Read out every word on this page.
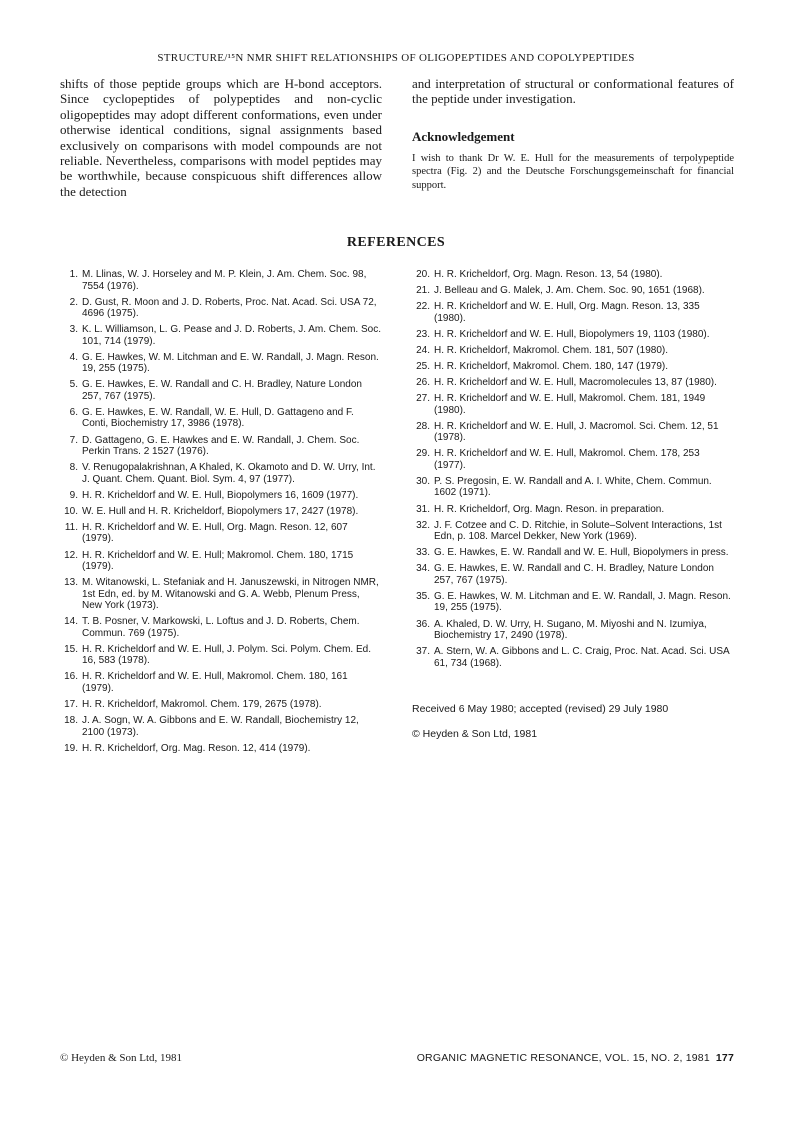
STRUCTURE/¹⁵N NMR SHIFT RELATIONSHIPS OF OLIGOPEPTIDES AND COPOLYPEPTIDES
shifts of those peptide groups which are H-bond acceptors. Since cyclopeptides of polypeptides and non-cyclic oligopeptides may adopt different conformations, even under otherwise identical conditions, signal assignments based exclusively on comparisons with model compounds are not reliable. Nevertheless, comparisons with model peptides may be worthwhile, because conspicuous shift differences allow the detection
and interpretation of structural or conformational features of the peptide under investigation.
Acknowledgement
I wish to thank Dr W. E. Hull for the measurements of terpolypeptide spectra (Fig. 2) and the Deutsche Forschungsgemeinschaft for financial support.
REFERENCES
1. M. Llinas, W. J. Horseley and M. P. Klein, J. Am. Chem. Soc. 98, 7554 (1976).
2. D. Gust, R. Moon and J. D. Roberts, Proc. Nat. Acad. Sci. USA 72, 4696 (1975).
3. K. L. Williamson, L. G. Pease and J. D. Roberts, J. Am. Chem. Soc. 101, 714 (1979).
4. G. E. Hawkes, W. M. Litchman and E. W. Randall, J. Magn. Reson. 19, 255 (1975).
5. G. E. Hawkes, E. W. Randall and C. H. Bradley, Nature London 257, 767 (1975).
6. G. E. Hawkes, E. W. Randall, W. E. Hull, D. Gattageno and F. Conti, Biochemistry 17, 3986 (1978).
7. D. Gattageno, G. E. Hawkes and E. W. Randall, J. Chem. Soc. Perkin Trans. 2 1527 (1976).
8. V. Renugopalakrishnan, A Khaled, K. Okamoto and D. W. Urry, Int. J. Quant. Chem. Quant. Biol. Sym. 4, 97 (1977).
9. H. R. Kricheldorf and W. E. Hull, Biopolymers 16, 1609 (1977).
10. W. E. Hull and H. R. Kricheldorf, Biopolymers 17, 2427 (1978).
11. H. R. Kricheldorf and W. E. Hull, Org. Magn. Reson. 12, 607 (1979).
12. H. R. Kricheldorf and W. E. Hull; Makromol. Chem. 180, 1715 (1979).
13. M. Witanowski, L. Stefaniak and H. Januszewski, in Nitrogen NMR, 1st Edn, ed. by M. Witanowski and G. A. Webb, Plenum Press, New York (1973).
14. T. B. Posner, V. Markowski, L. Loftus and J. D. Roberts, Chem. Commun. 769 (1975).
15. H. R. Kricheldorf and W. E. Hull, J. Polym. Sci. Polym. Chem. Ed. 16, 583 (1978).
16. H. R. Kricheldorf and W. E. Hull, Makromol. Chem. 180, 161 (1979).
17. H. R. Kricheldorf, Makromol. Chem. 179, 2675 (1978).
18. J. A. Sogn, W. A. Gibbons and E. W. Randall, Biochemistry 12, 2100 (1973).
19. H. R. Kricheldorf, Org. Mag. Reson. 12, 414 (1979).
20. H. R. Kricheldorf, Org. Magn. Reson. 13, 54 (1980).
21. J. Belleau and G. Malek, J. Am. Chem. Soc. 90, 1651 (1968).
22. H. R. Kricheldorf and W. E. Hull, Org. Magn. Reson. 13, 335 (1980).
23. H. R. Kricheldorf and W. E. Hull, Biopolymers 19, 1103 (1980).
24. H. R. Kricheldorf, Makromol. Chem. 181, 507 (1980).
25. H. R. Kricheldorf, Makromol. Chem. 180, 147 (1979).
26. H. R. Kricheldorf and W. E. Hull, Macromolecules 13, 87 (1980).
27. H. R. Kricheldorf and W. E. Hull, Makromol. Chem. 181, 1949 (1980).
28. H. R. Kricheldorf and W. E. Hull, J. Macromol. Sci. Chem. 12, 51 (1978).
29. H. R. Kricheldorf and W. E. Hull, Makromol. Chem. 178, 253 (1977).
30. P. S. Pregosin, E. W. Randall and A. I. White, Chem. Commun. 1602 (1971).
31. H. R. Kricheldorf, Org. Magn. Reson. in preparation.
32. J. F. Cotzee and C. D. Ritchie, in Solute–Solvent Interactions, 1st Edn, p. 108. Marcel Dekker, New York (1969).
33. G. E. Hawkes, E. W. Randall and W. E. Hull, Biopolymers in press.
34. G. E. Hawkes, E. W. Randall and C. H. Bradley, Nature London 257, 767 (1975).
35. G. E. Hawkes, W. M. Litchman and E. W. Randall, J. Magn. Reson. 19, 255 (1975).
36. A. Khaled, D. W. Urry, H. Sugano, M. Miyoshi and N. Izumiya, Biochemistry 17, 2490 (1978).
37. A. Stern, W. A. Gibbons and L. C. Craig, Proc. Nat. Acad. Sci. USA 61, 734 (1968).
Received 6 May 1980; accepted (revised) 29 July 1980
© Heyden & Son Ltd, 1981
© Heyden & Son Ltd, 1981	ORGANIC MAGNETIC RESONANCE, VOL. 15, NO. 2, 1981 177
